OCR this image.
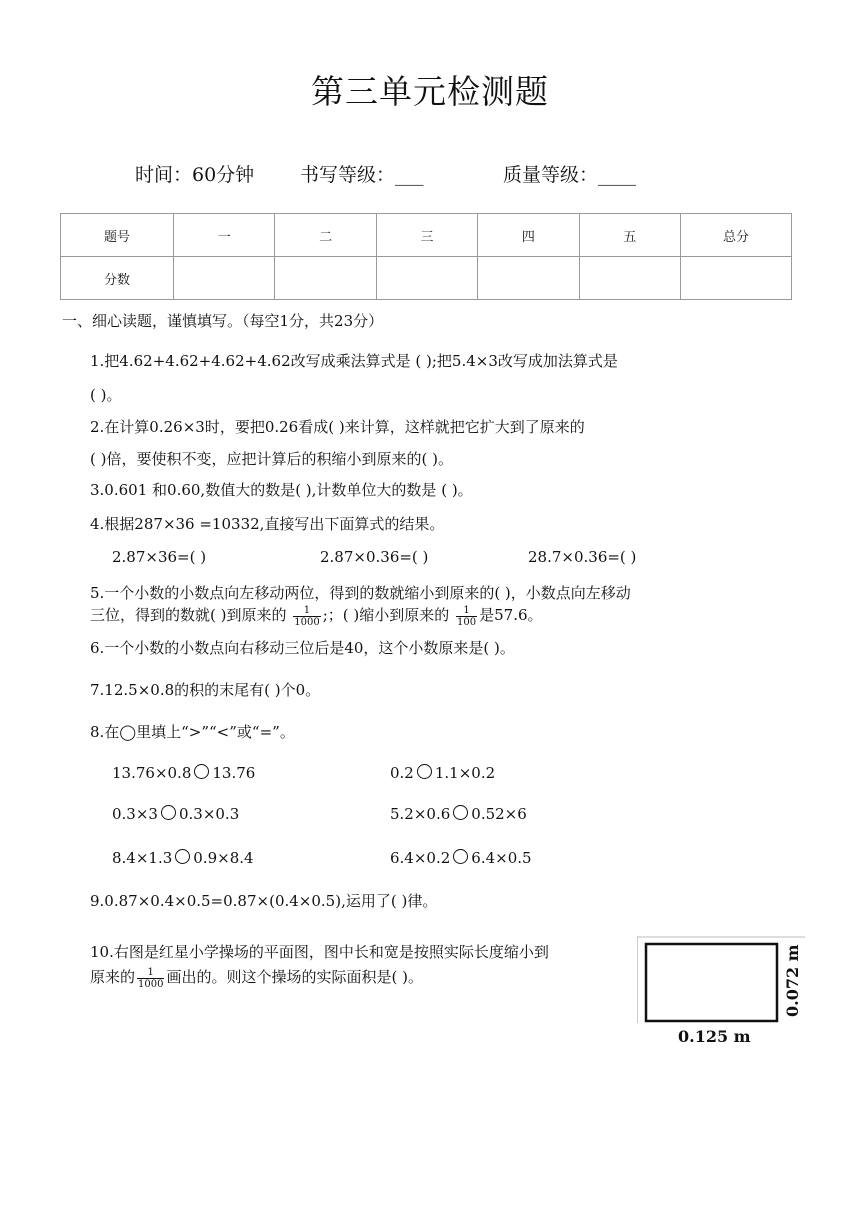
第三单元检测题
时间：60分钟 书写等级：___	质量等级：____
题号	一	二	三	四	五	总分
分数						
一、细心读题，谨慎填写。（每空1分，共23分）
1.把4.62+4.62+4.62+4.62改写成乘法算式是 ( );把5.4×3改写成加法算式是
( )。
2.在计算0.26×3时，要把0.26看成( )来计算，这样就把它扩大到了原来的
( )倍，要使积不变，应把计算后的积缩小到原来的( )。
3.0.601 和0.60,数值大的数是( ),计数单位大的数是 ( )。
4.根据287×36 =10332,直接写出下面算式的结果。
2.87×36=( )	2.87×0.36=( )	28.7×0.36=( )
5.一个小数的小数点向左移动两位，得到的数就缩小到原来的( )，小数点向左移动
三位，得到的数就( )到原来的 $\frac{1}{1000}$ ;；( )缩小到原来的 $\frac{1}{100}$ 是57.6。
6.一个小数的小数点向右移动三位后是40，这个小数原来是( )。
7.12.5×0.8的积的末尾有( )个0。
8.在◯里填上“>”“<”或“=”。
13.76×0.8 13.76	0.2 1.1×0.2
0.3×3 0.3×0.3	5.2×0.6 0.52×6
8.4×1.3 0.9×8.4	6.4×0.2 6.4×0.5
9.0.87×0.4×0.5=0.87×(0.4×0.5),运用了( )律。
10.右图是红星小学操场的平面图，图中长和宽是按照实际长度缩小到
原来的 $\frac{1}{1000}$ 画出的。则这个操场的实际面积是( )。
0.125 m
0.072 m
